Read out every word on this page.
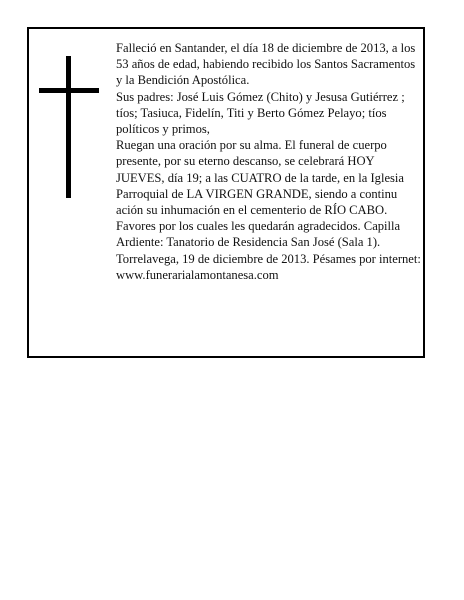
Falleció en Santander, el día 18 de diciembre de 2013, a los 53 años de edad, habiendo recibido los Santos Sacramentos y la Bendición Apostólica.

Sus padres: José Luis Gómez (Chito) y Jesusa Gutiérrez ; tíos; Tasiuca, Fidelín, Titi y Berto Gómez Pelayo; tíos políticos y primos,

Ruegan una oración por su alma. El funeral de cuerpo presente, por su eterno descanso, se celebrará HOY JUEVES, día 19; a las CUATRO de la tarde, en la Iglesia Parroquial de LA VIRGEN GRANDE, siendo a continu ación su inhumación en el cementerio de RÍO CABO. Favores por los cuales les quedarán agradecidos. Capilla Ardiente: Tanatorio de Residencia San José (Sala 1).

Torrelavega, 19 de diciembre de 2013. Pésames por internet: www.funerarialamontanesa.com
